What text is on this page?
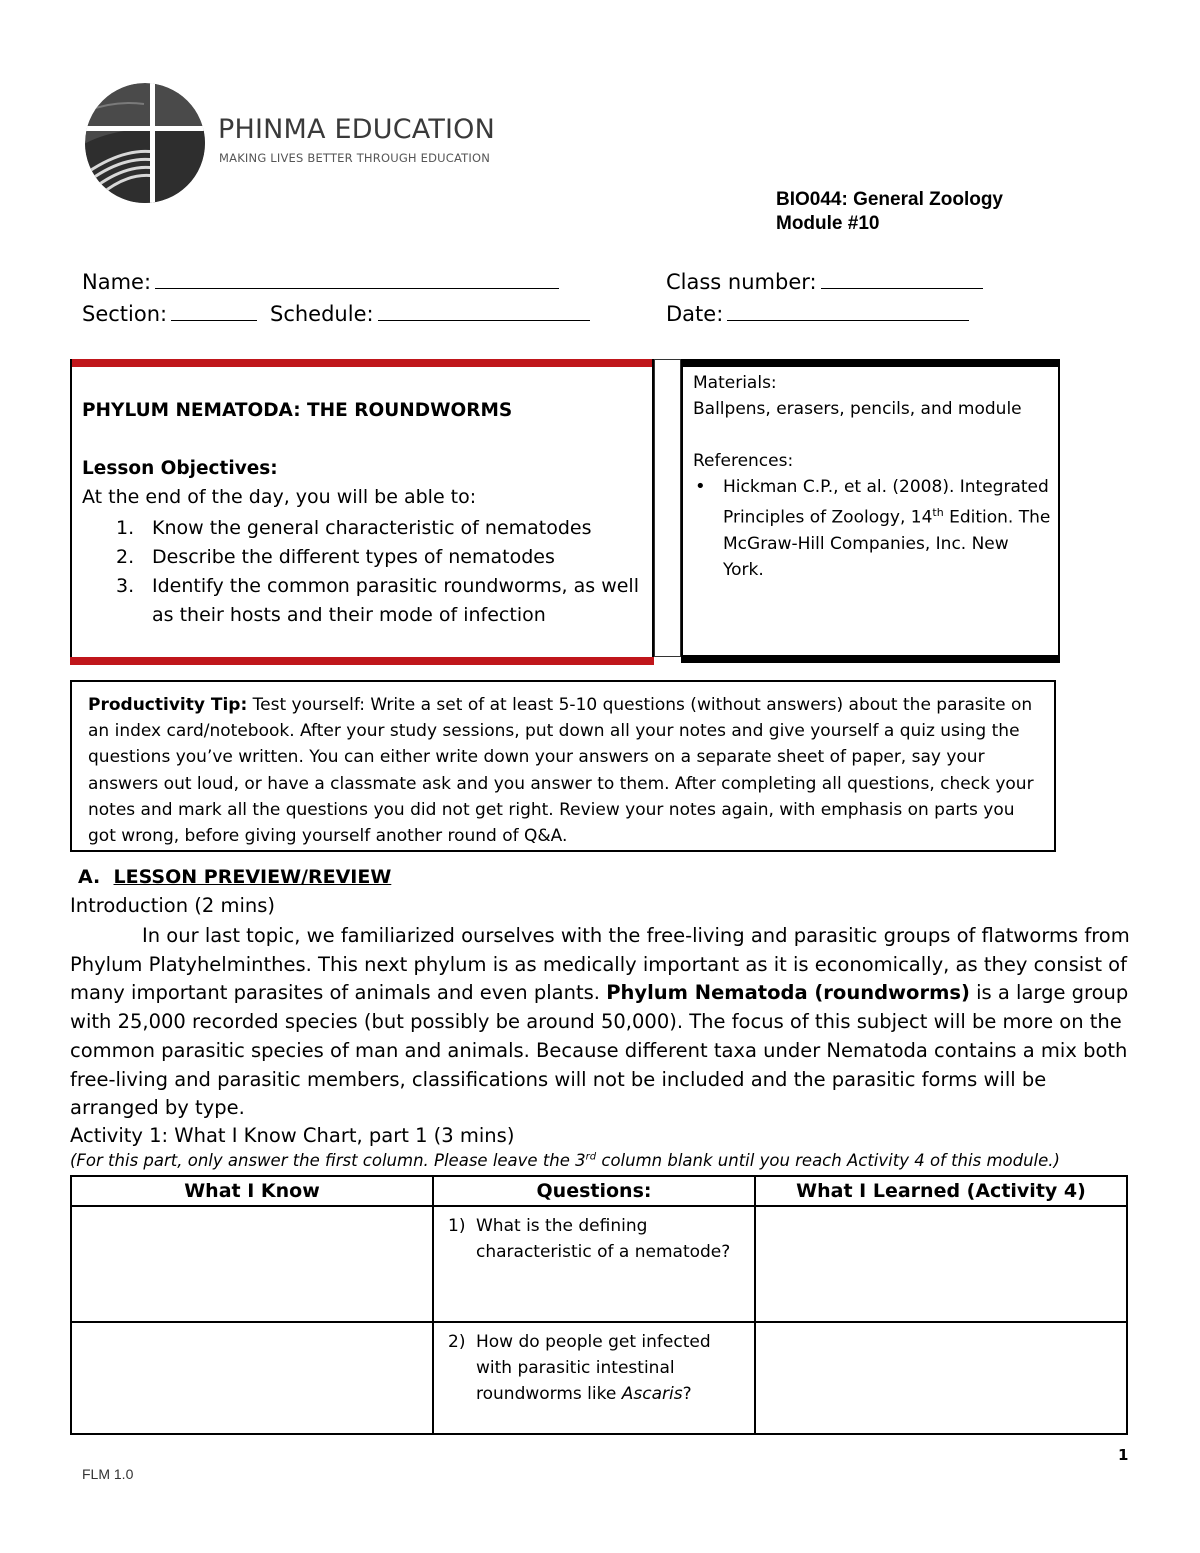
PHINMA EDUCATION
MAKING LIVES BETTER THROUGH EDUCATION
BIO044: General Zoology
Module #10
Name:	Class number:
Section:	Schedule:	Date:
PHYLUM NEMATODA: THE ROUNDWORMS
Lesson Objectives:
At the end of the day, you will be able to:
1. Know the general characteristic of nematodes
2. Describe the different types of nematodes
3. Identify the common parasitic roundworms, as well as their hosts and their mode of infection
Materials:
Ballpens, erasers, pencils, and module
References:
• Hickman C.P., et al. (2008). Integrated Principles of Zoology, 14th Edition. The McGraw-Hill Companies, Inc. New York.
Productivity Tip: Test yourself: Write a set of at least 5-10 questions (without answers) about the parasite on an index card/notebook. After your study sessions, put down all your notes and give yourself a quiz using the questions you’ve written. You can either write down your answers on a separate sheet of paper, say your answers out loud, or have a classmate ask and you answer to them. After completing all questions, check your notes and mark all the questions you did not get right. Review your notes again, with emphasis on parts you got wrong, before giving yourself another round of Q&A.
A. LESSON PREVIEW/REVIEW
Introduction (2 mins)
In our last topic, we familiarized ourselves with the free-living and parasitic groups of flatworms from Phylum Platyhelminthes. This next phylum is as medically important as it is economically, as they consist of many important parasites of animals and even plants. Phylum Nematoda (roundworms) is a large group with 25,000 recorded species (but possibly be around 50,000). The focus of this subject will be more on the common parasitic species of man and animals. Because different taxa under Nematoda contains a mix both free-living and parasitic members, classifications will not be included and the parasitic forms will be arranged by type.
Activity 1: What I Know Chart, part 1 (3 mins)
(For this part, only answer the first column. Please leave the 3rd column blank until you reach Activity 4 of this module.)
What I Know	Questions:	What I Learned (Activity 4)

	1) What is the defining characteristic of a nematode?	

	2) How do people get infected with parasitic intestinal roundworms like Ascaris?	

1
FLM 1.0
